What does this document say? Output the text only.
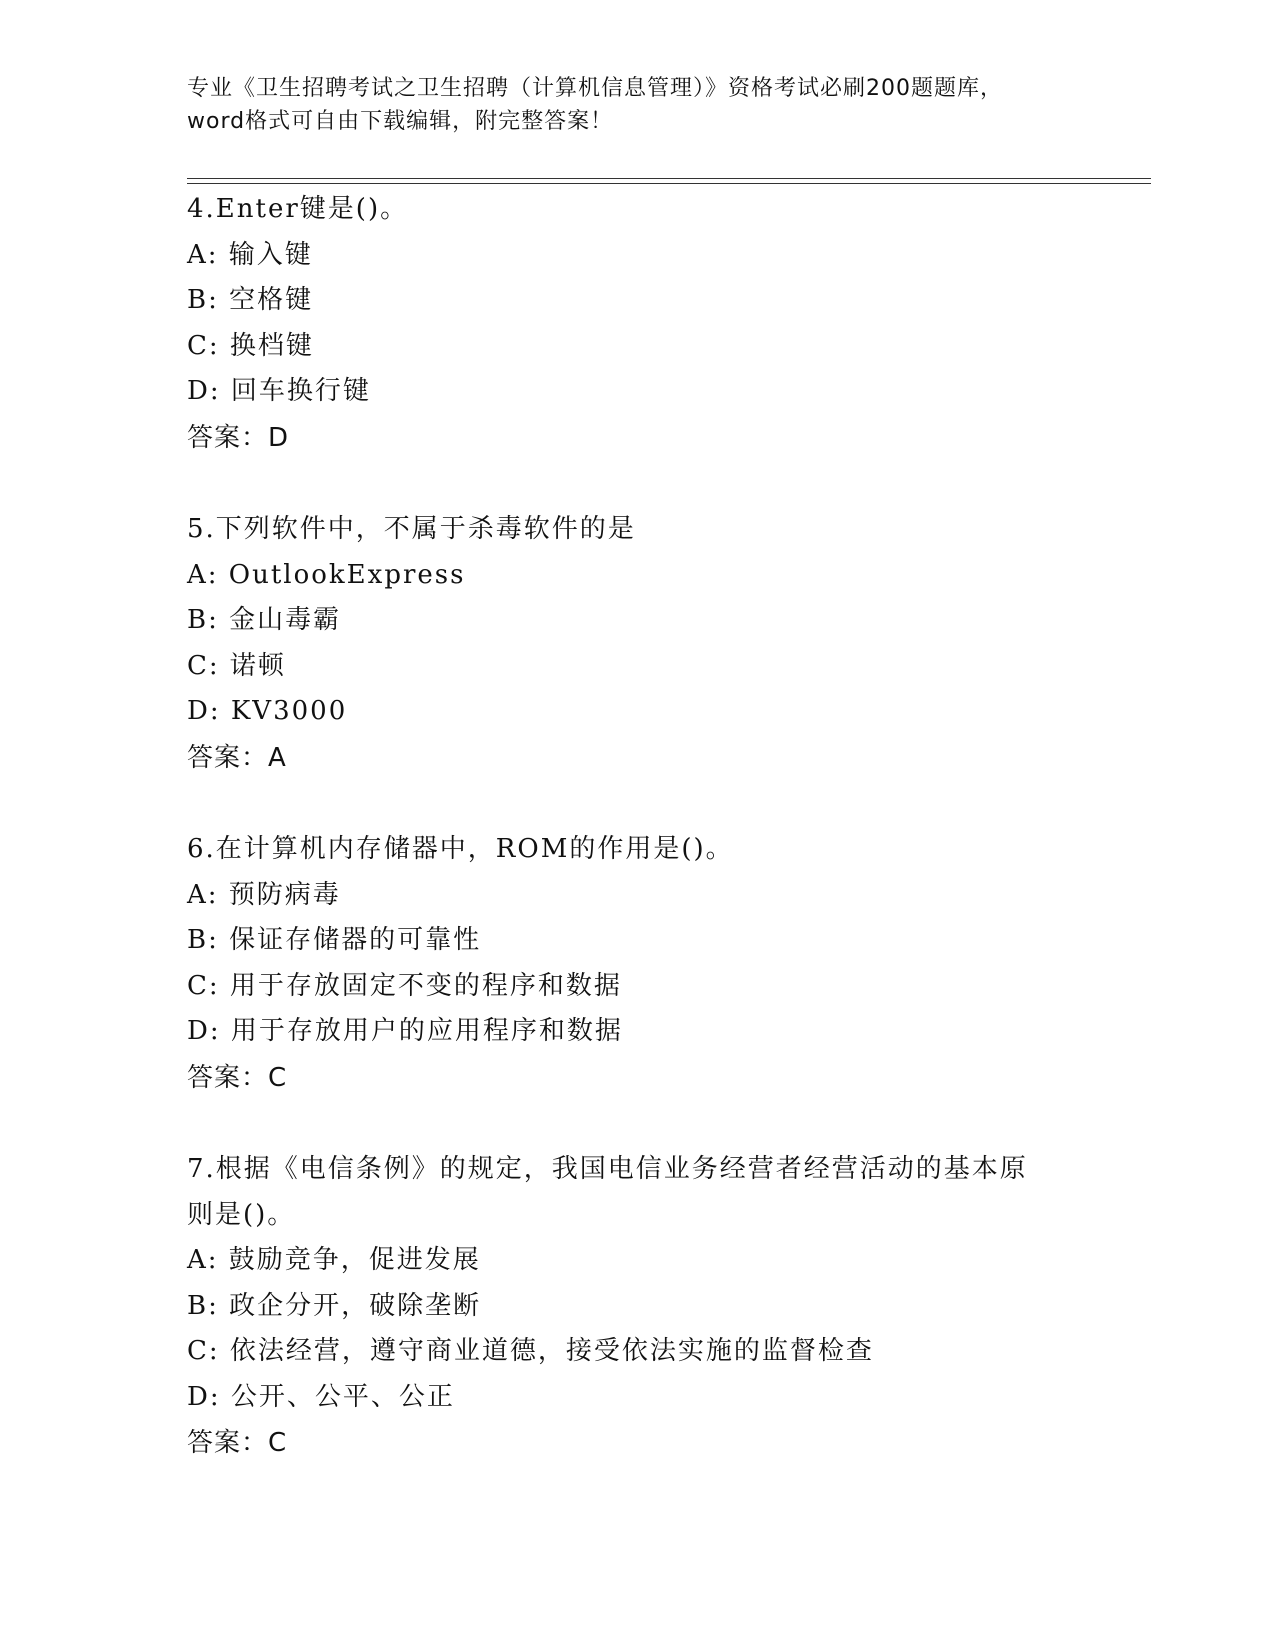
专业《卫生招聘考试之卫生招聘（计算机信息管理）》资格考试必刷200题题库，
word格式可自由下载编辑，附完整答案！
4.Enter键是()。
A: 输入键
B: 空格键
C: 换档键
D: 回车换行键
答案：D
5.下列软件中，不属于杀毒软件的是
A: OutlookExpress
B: 金山毒霸
C: 诺顿
D: KV3000
答案：A
6.在计算机内存储器中，ROM的作用是()。
A: 预防病毒
B: 保证存储器的可靠性
C: 用于存放固定不变的程序和数据
D: 用于存放用户的应用程序和数据
答案：C
7.根据《电信条例》的规定，我国电信业务经营者经营活动的基本原
则是()。
A: 鼓励竞争，促进发展
B: 政企分开，破除垄断
C: 依法经营，遵守商业道德，接受依法实施的监督检查
D: 公开、公平、公正
答案：C
